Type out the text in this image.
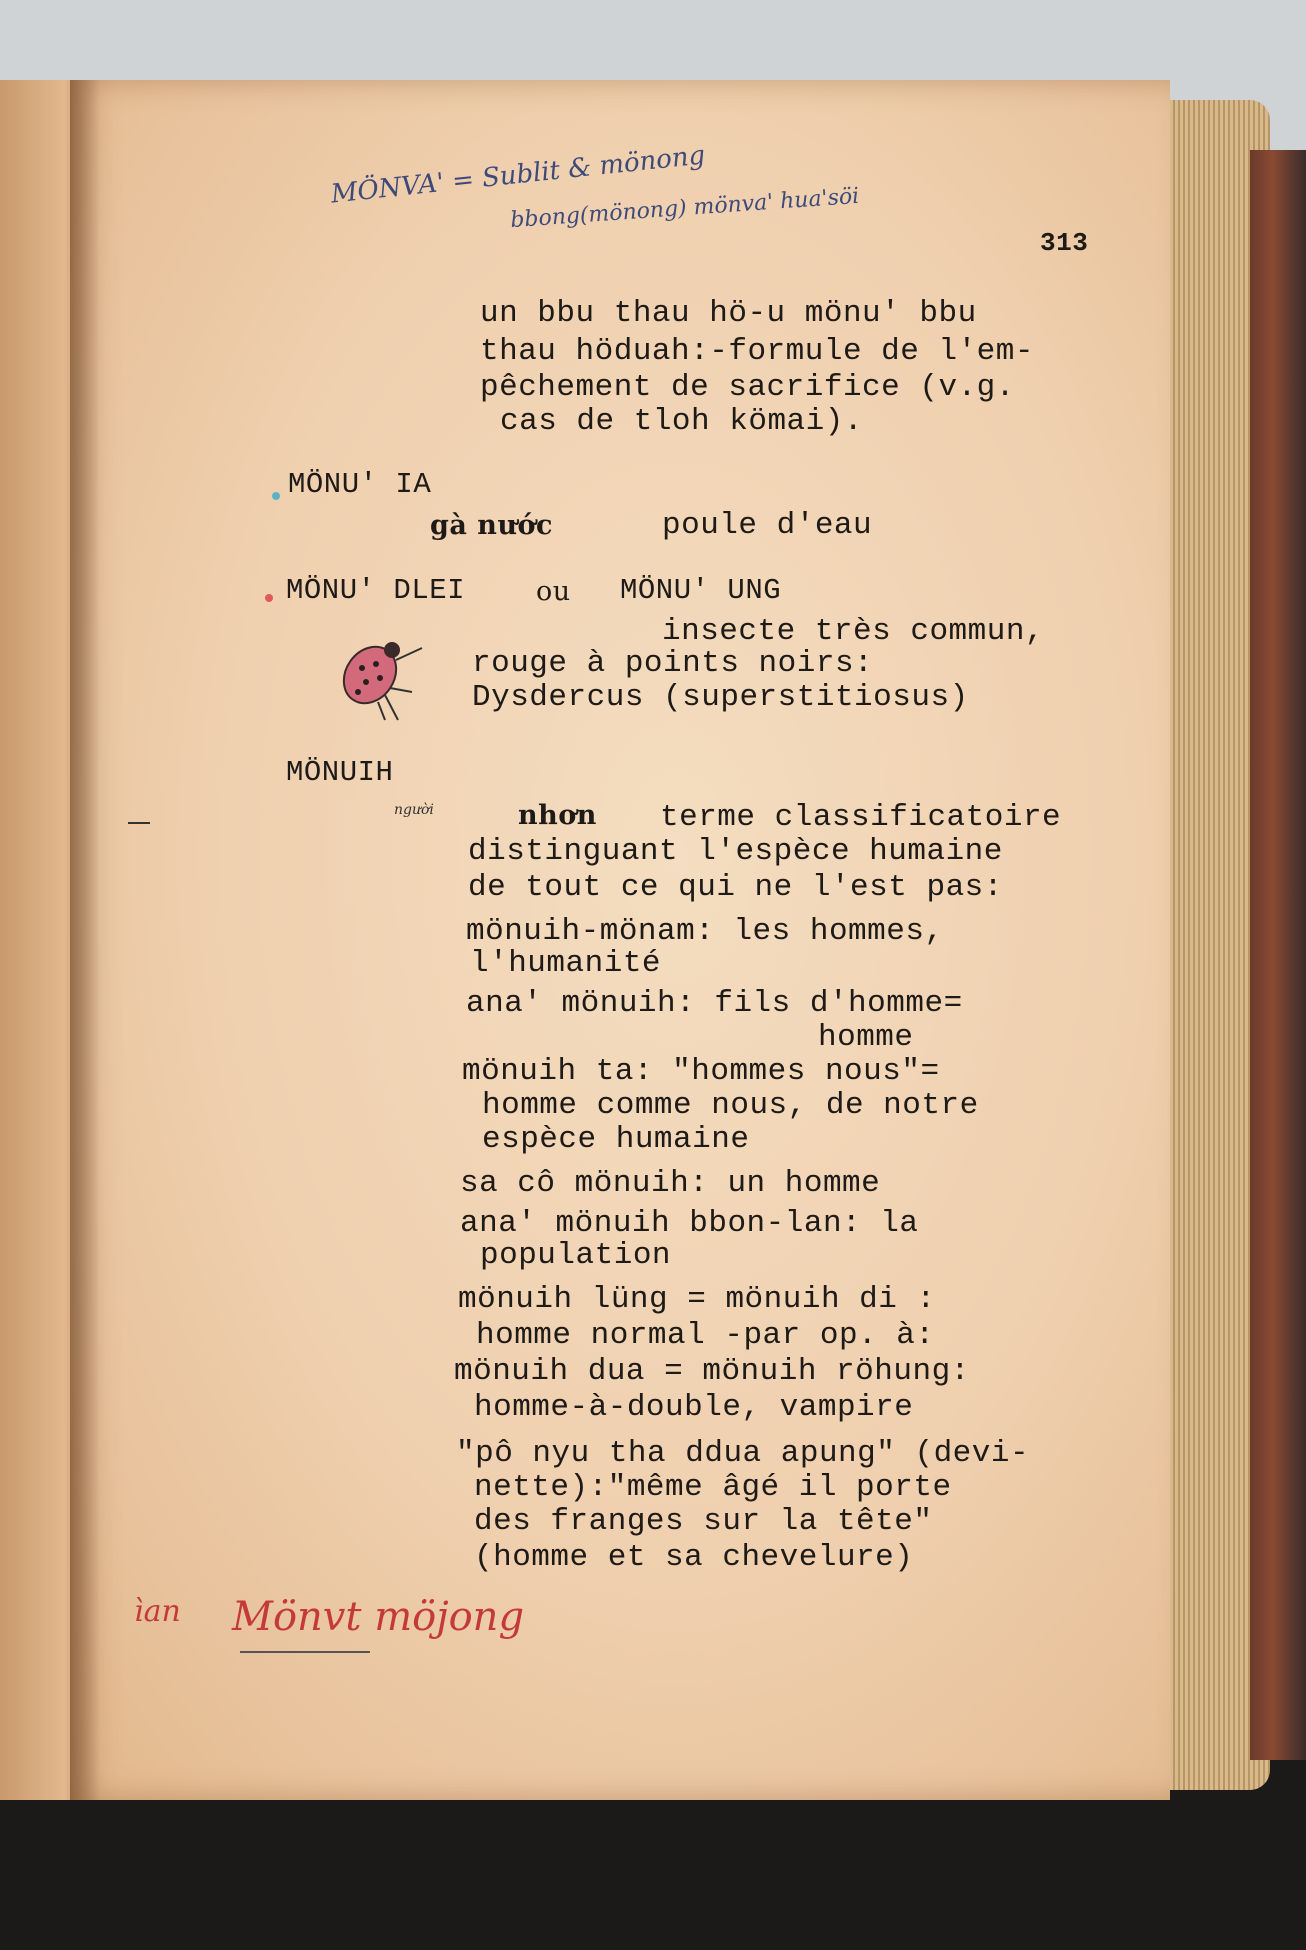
MÖNVA' = Sublit & mönong
bbong(mönong) mönva' hua'söi
313
un bbu thau hö-u mönu' bbu
thau höduah:-formule de l'em-
pêchement de sacrifice (v.g.
cas de tloh kömai).
MÖNU' IA
gà nước	poule d'eau
MÖNU' DLEI	ou MÖNU' UNG
insecte très commun,
rouge à points noirs:
Dysdercus (superstitiosus)
MÖNUIH
người	nhơn terme classificatoire
distinguant l'espèce humaine
de tout ce qui ne l'est pas:
mönuih-mönam: les hommes,
l'humanité
ana' mönuih: fils d'homme=
homme
mönuih ta: "hommes nous"=
homme comme nous, de notre
espèce humaine
sa cô mönuih: un homme
ana' mönuih bbon-lan: la
population
mönuih lüng = mönuih di :
homme normal -par op. à:
mönuih dua = mönuih röhung:
homme-à-double, vampire
"pô nyu tha ddua apung" (devi-
nette):"même âgé il porte
des franges sur la tête"
(homme et sa chevelure)
ìan Mönvt möjong
